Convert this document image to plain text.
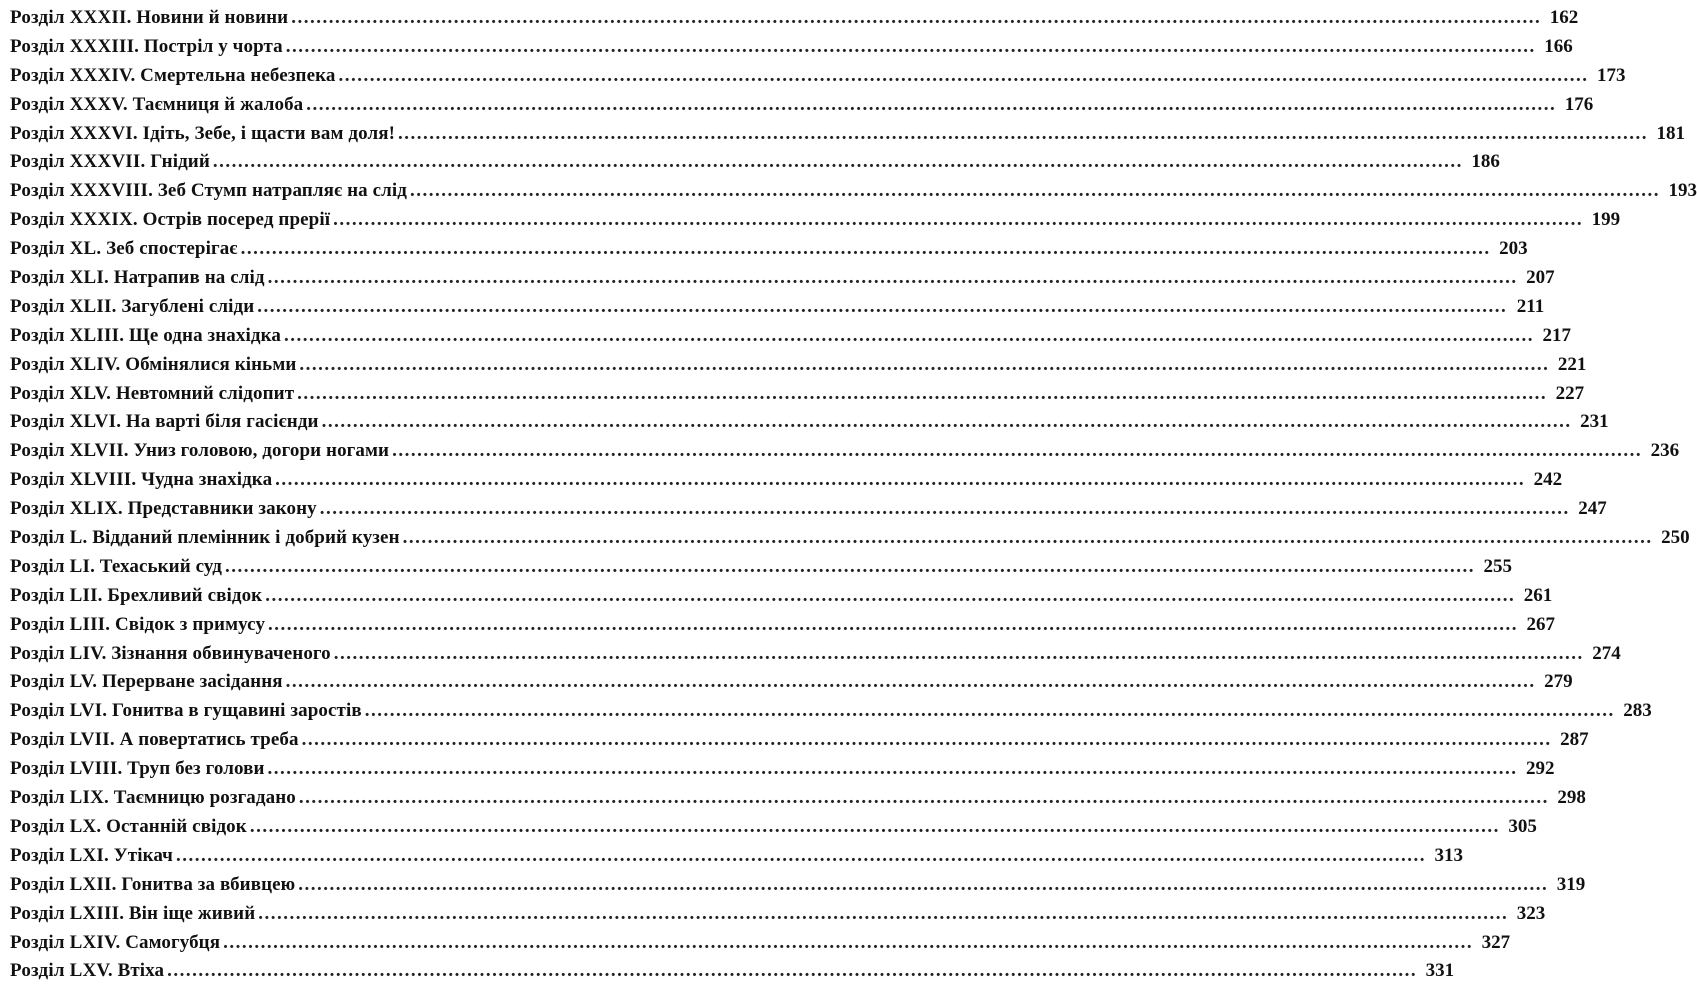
Розділ XXXII.
Новини й новини ........................................................................................................................................................................................................ 162
Розділ XXXIII.
Постріл у чорта ........................................................................................................................................................................................................ 166
Розділ XXXIV.
Смертельна небезпека ........................................................................................................................................................................................................ 173
Розділ XXXV.
Таємниця й жалоба ........................................................................................................................................................................................................ 176
Розділ XXXVI.
Ідіть, Зебе, і щасти вам доля! ........................................................................................................................................................................................................ 181
Розділ XXXVII.
Гнідий ........................................................................................................................................................................................................ 186
Розділ XXXVIII.
Зеб Стумп натрапляє на слід ........................................................................................................................................................................................................ 193
Розділ XXXIX.
Острів посеред прерії ........................................................................................................................................................................................................ 199
Розділ XL.
Зеб спостерігає ........................................................................................................................................................................................................ 203
Розділ XLI.
Натрапив на слід ........................................................................................................................................................................................................ 207
Розділ XLII.
Загублені сліди ........................................................................................................................................................................................................ 211
Розділ XLIII.
Ще одна знахідка ........................................................................................................................................................................................................ 217
Розділ XLIV.
Обмінялися кіньми ........................................................................................................................................................................................................ 221
Розділ XLV.
Невтомний слідопит ........................................................................................................................................................................................................ 227
Розділ XLVI.
На варті біля гасієнди ........................................................................................................................................................................................................ 231
Розділ XLVII.
Униз головою, догори ногами ........................................................................................................................................................................................................ 236
Розділ XLVIII.
Чудна знахідка ........................................................................................................................................................................................................ 242
Розділ XLIX.
Представники закону ........................................................................................................................................................................................................ 247
Розділ L.
Відданий племінник і добрий кузен ........................................................................................................................................................................................................ 250
Розділ LI.
Техаський суд ........................................................................................................................................................................................................ 255
Розділ LII.
Брехливий свідок ........................................................................................................................................................................................................ 261
Розділ LIII.
Свідок з примусу ........................................................................................................................................................................................................ 267
Розділ LIV.
Зізнання обвинуваченого ........................................................................................................................................................................................................ 274
Розділ LV.
Перерване засідання ........................................................................................................................................................................................................ 279
Розділ LVI.
Гонитва в гущавині заростів ........................................................................................................................................................................................................ 283
Розділ LVII.
А повертатись треба ........................................................................................................................................................................................................ 287
Розділ LVIII.
Труп без голови ........................................................................................................................................................................................................ 292
Розділ LIX.
Таємницю розгадано ........................................................................................................................................................................................................ 298
Розділ LX.
Останній свідок ........................................................................................................................................................................................................ 305
Розділ LXI.
Утікач ........................................................................................................................................................................................................ 313
Розділ LXII.
Гонитва за вбивцею ........................................................................................................................................................................................................ 319
Розділ LXIII.
Він іще живий ........................................................................................................................................................................................................ 323
Розділ LXIV.
Самогубця ........................................................................................................................................................................................................ 327
Розділ LXV.
Втіха ........................................................................................................................................................................................................ 331
